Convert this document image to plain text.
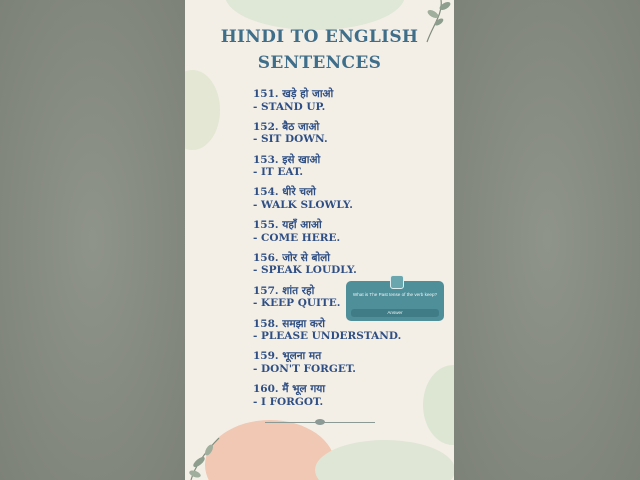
HINDI TO ENGLISH
SENTENCES
151. खड़े हो जाओ
- STAND UP.
152. बैठ जाओ
- SIT DOWN.
153. इसे खाओ
- IT EAT.
154. धीरे चलो
- WALK SLOWLY.
155. यहाँ आओ
- COME HERE.
156. जोर से बोलो
- SPEAK LOUDLY.
157. शांत रहो
- KEEP QUITE.
158. समझा करो
- PLEASE UNDERSTAND.
159. भूलना मत
- DON'T FORGET.
160. मैं भूल गया
- I FORGOT.
What is The Past tense of the verb keep?
Answer
